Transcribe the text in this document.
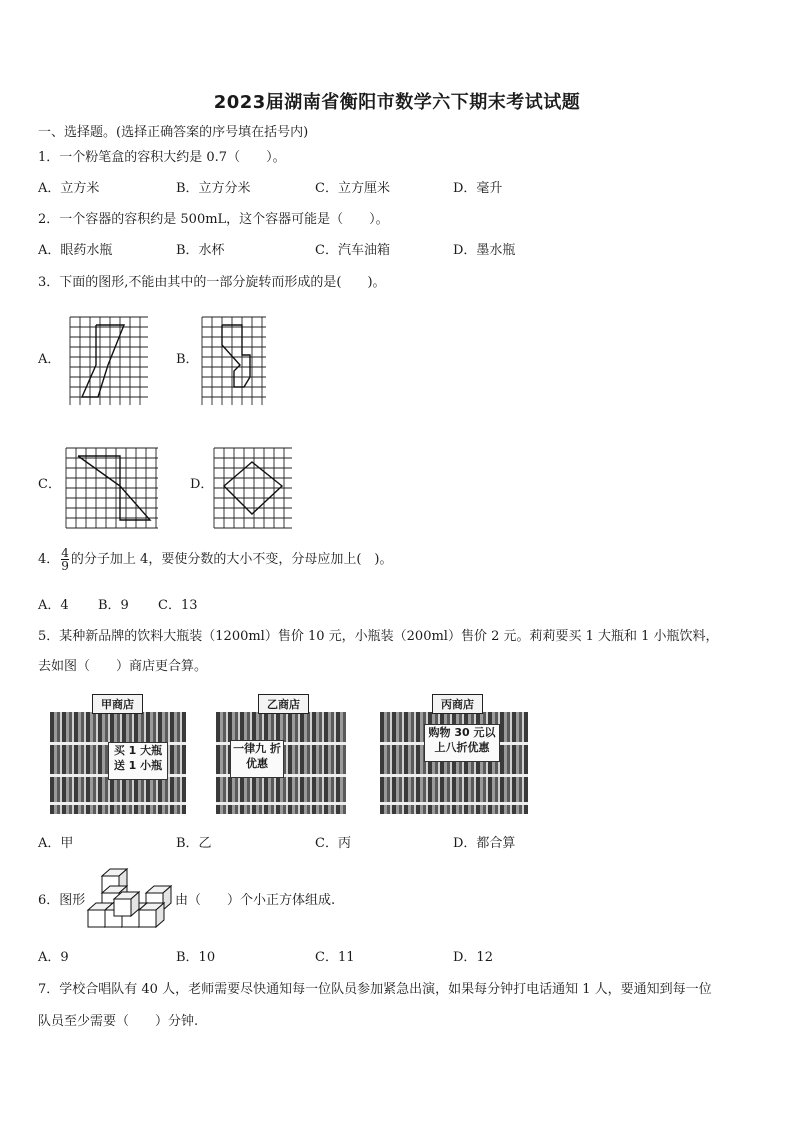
2023届湖南省衡阳市数学六下期末考试试题
一、选择题。(选择正确答案的序号填在括号内)
1．一个粉笔盒的容积大约是 0.7（　　）。
A．立方米	B．立方分米	C．立方厘米	D．毫升
2．一个容器的容积约是 500mL，这个容器可能是（　　）。
A．眼药水瓶	B．水杯	C．汽车油箱	D．墨水瓶
3．下面的图形,不能由其中的一部分旋转而形成的是(　　)。
A．	B．
C．	D．
4． $\frac{4}{9}$ 的分子加上 4，要使分数的大小不变，分母应加上(　)。
A．4 B．9 C．13
5．某种新品牌的饮料大瓶装（1200ml）售价 10 元，小瓶装（200ml）售价 2 元。莉莉要买 1 大瓶和 1 小瓶饮料，
去如图（　　）商店更合算。
甲商店
买 1 大瓶 送 1 小瓶
乙商店
一律九 折优惠
丙商店
购物 30 元以 上八折优惠
A．甲	B．乙	C．丙	D．都合算
6．图形	由（　　）个小正方体组成.
A．9	B．10	C．11	D．12
7．学校合唱队有 40 人，老师需要尽快通知每一位队员参加紧急出演，如果每分钟打电话通知 1 人，要通知到每一位
队员至少需要（　　）分钟.
